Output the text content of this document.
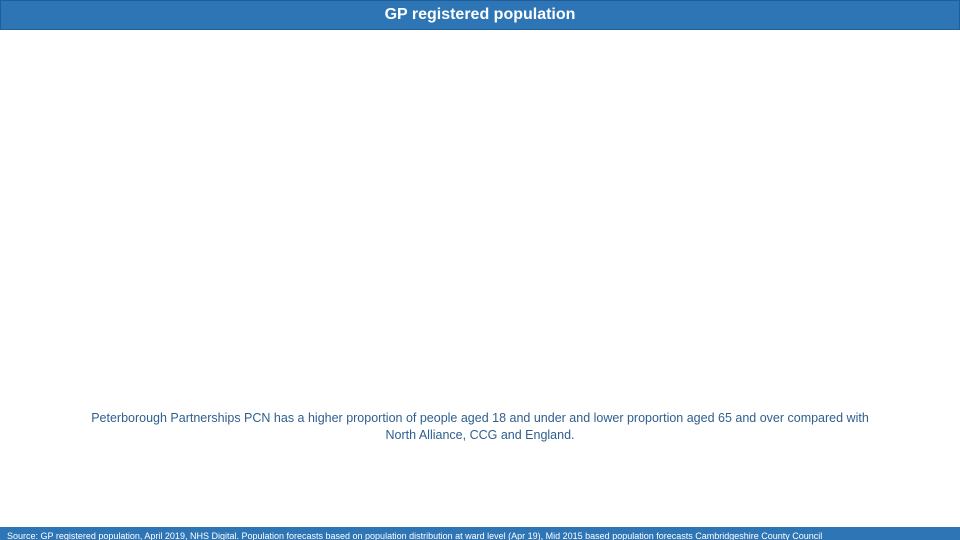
GP registered population
Peterborough Partnerships PCN has a higher proportion of people aged 18 and under and lower proportion aged 65 and over compared with
North Alliance, CCG and England.
Source: GP registered population, April 2019, NHS Digital. Population forecasts based on population distribution at ward level (Apr 19), Mid 2015 based population forecasts Cambridgeshire County Council
